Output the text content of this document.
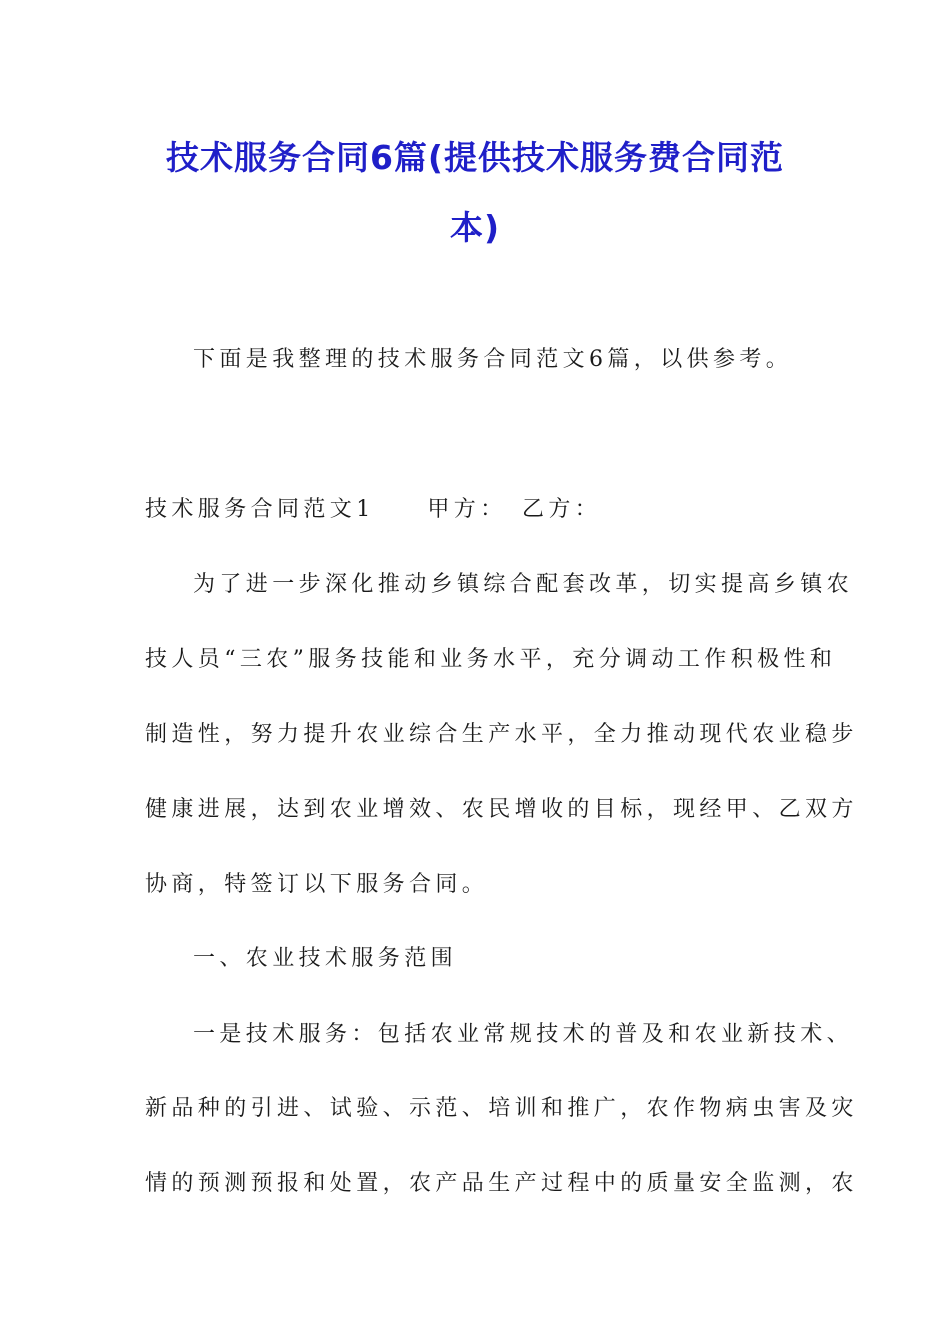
技术服务合同6篇(提供技术服务费合同范
本)
下面是我整理的技术服务合同范文6篇，以供参考。
技术服务合同范文1　　甲方：　乙方：
为了进一步深化推动乡镇综合配套改革，切实提高乡镇农
技人员“三农”服务技能和业务水平，充分调动工作积极性和
制造性，努力提升农业综合生产水平，全力推动现代农业稳步
健康进展，达到农业增效、农民增收的目标，现经甲、乙双方
协商，特签订以下服务合同。
一、农业技术服务范围
一是技术服务：包括农业常规技术的普及和农业新技术、
新品种的引进、试验、示范、培训和推广，农作物病虫害及灾
情的预测预报和处置，农产品生产过程中的质量安全监测，农
